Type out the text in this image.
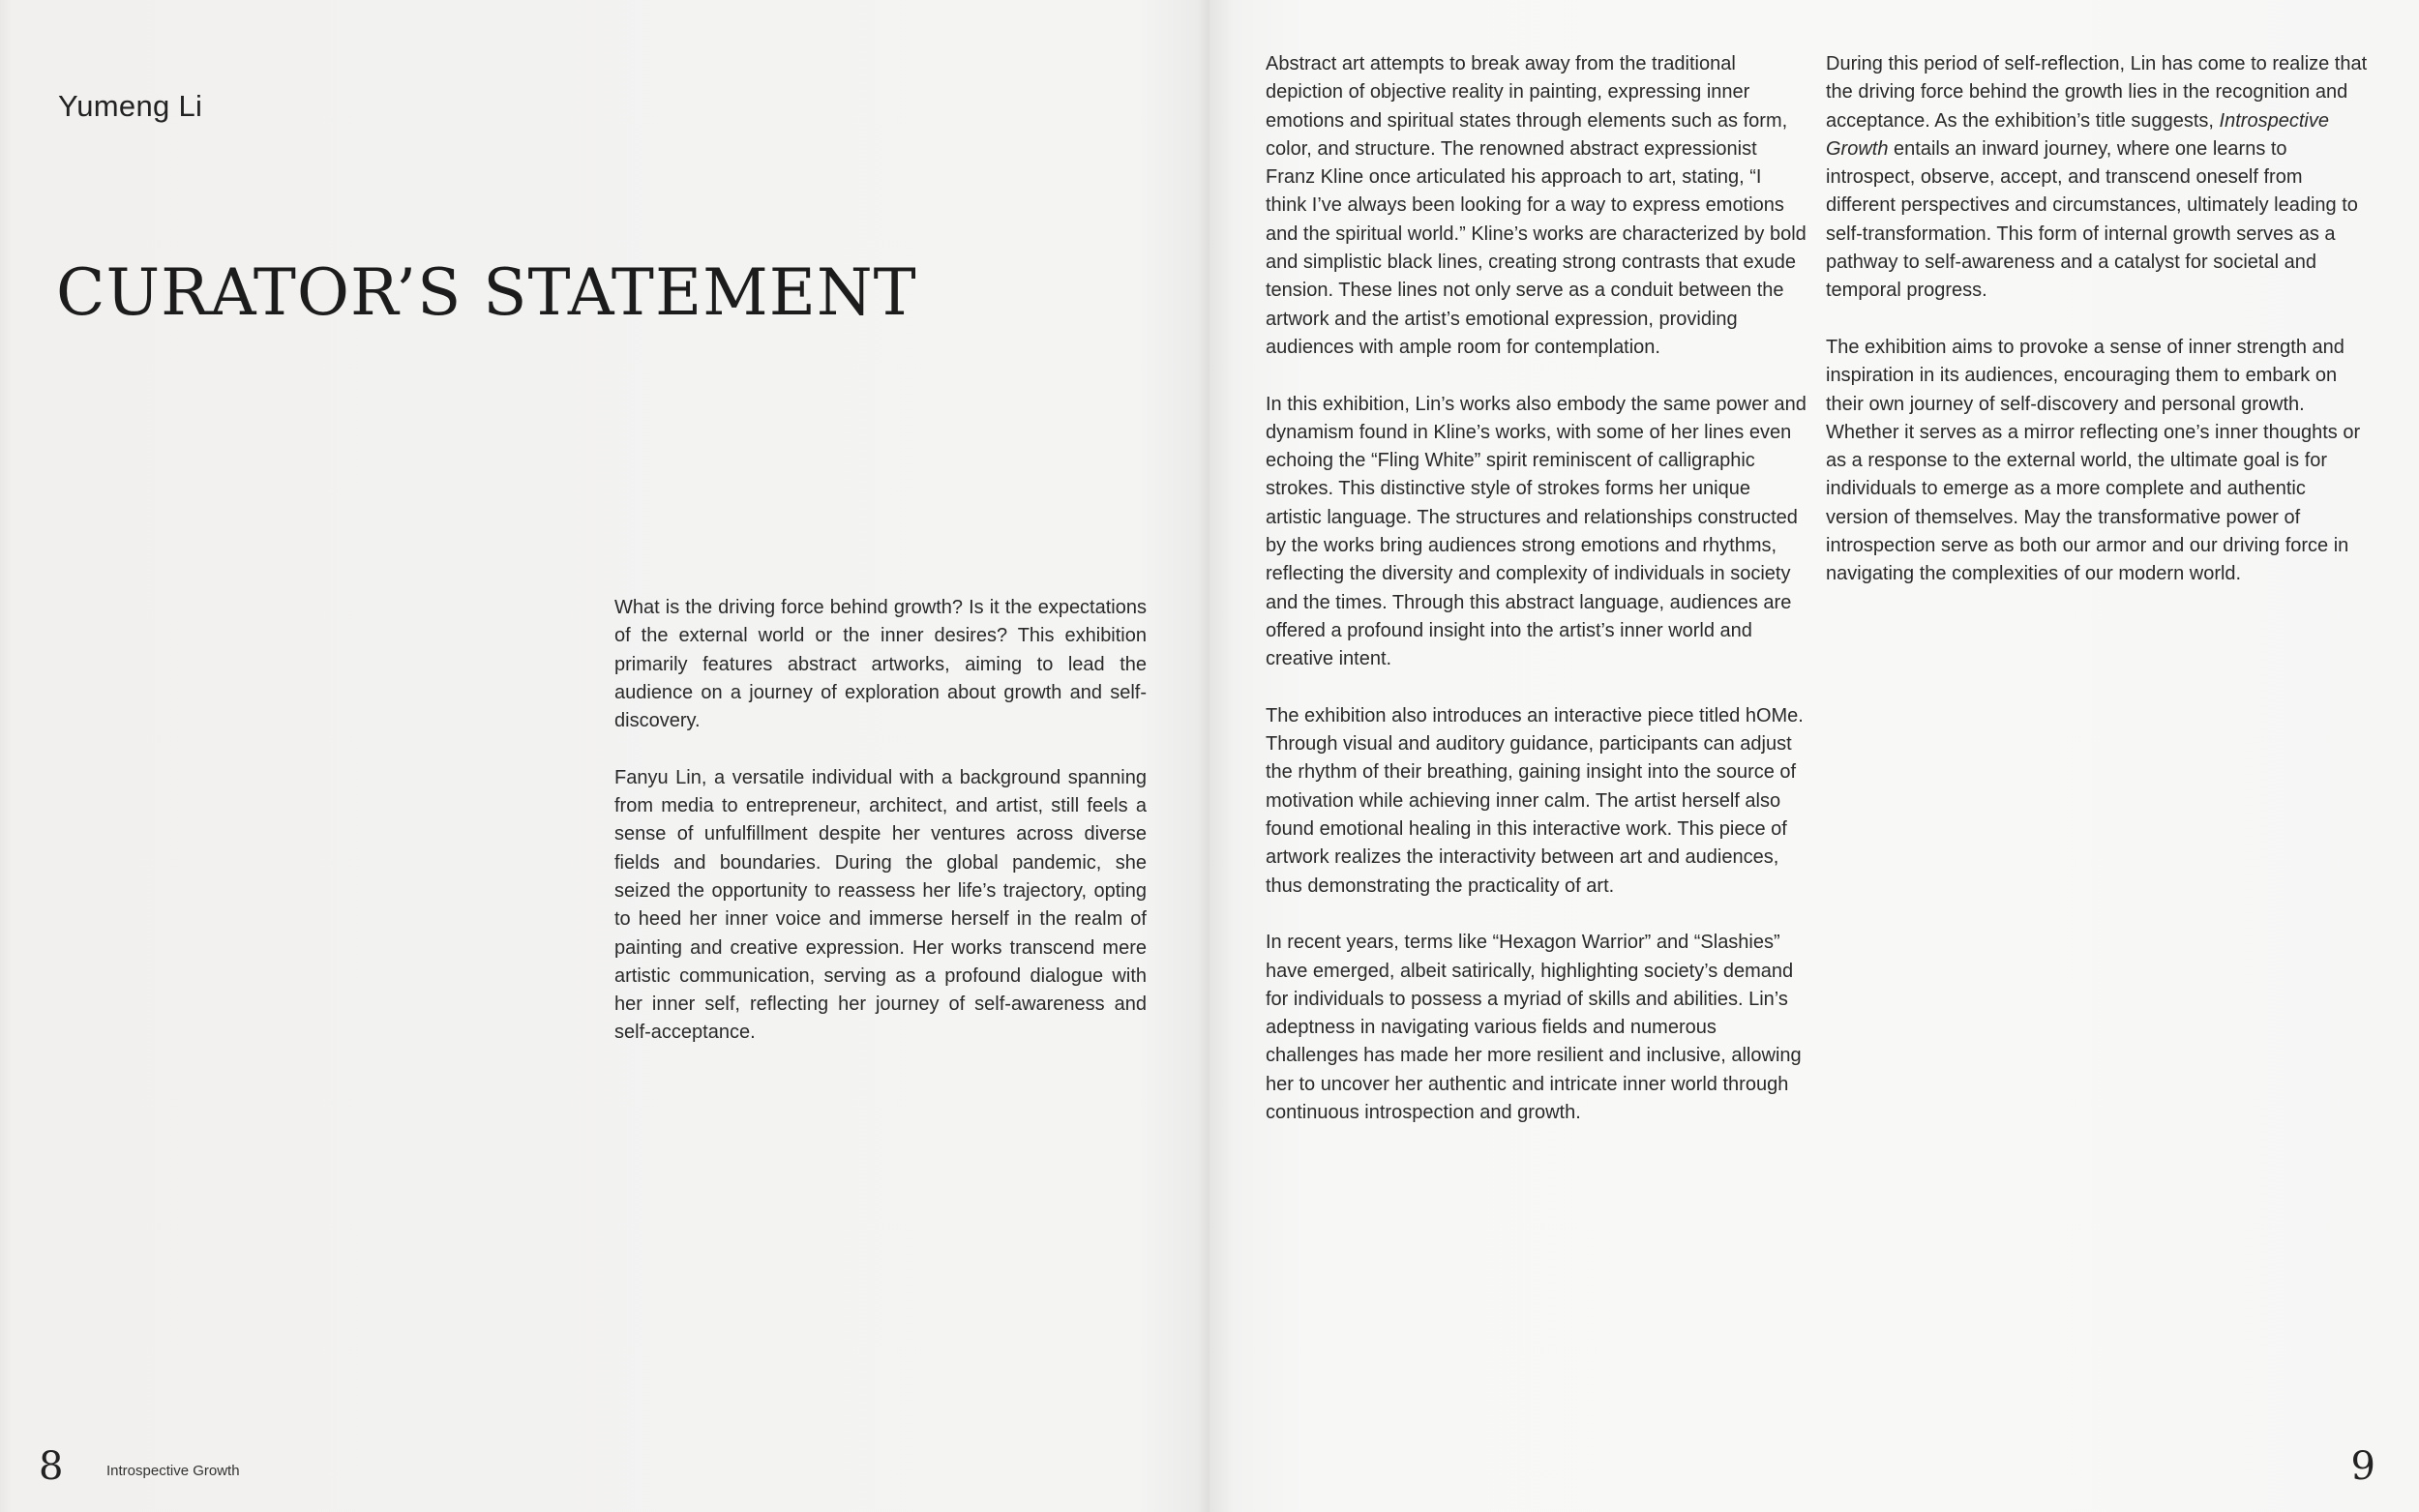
Yumeng Li
CURATOR’S STATEMENT

What is the driving force behind growth? Is it the expectations of the external world or the inner desires? This exhibition primarily features abstract artworks, aiming to lead the audience on a journey of exploration about growth and self-discovery.

Fanyu Lin, a versatile individual with a background spanning from media to entrepreneur, architect, and artist, still feels a sense of unfulfillment despite her ventures across diverse fields and boundaries. During the global pandemic, she seized the opportunity to reassess her life’s trajectory, opting to heed her inner voice and immerse herself in the realm of painting and creative expression. Her works transcend mere artistic communication, serving as a profound dialogue with her inner self, reflecting her journey of self-awareness and self-acceptance.

8	Introspective Growth

Abstract art attempts to break away from the traditional depiction of objective reality in painting, expressing inner emotions and spiritual states through elements such as form, color, and structure. The renowned abstract expressionist Franz Kline once articulated his approach to art, stating, “I think I’ve always been looking for a way to express emotions and the spiritual world.” Kline’s works are characterized by bold and simplistic black lines, creating strong contrasts that exude tension. These lines not only serve as a conduit between the artwork and the artist’s emotional expression, providing audiences with ample room for contemplation.

In this exhibition, Lin’s works also embody the same power and dynamism found in Kline’s works, with some of her lines even echoing the “Fling White” spirit reminiscent of calligraphic strokes. This distinctive style of strokes forms her unique artistic language. The structures and relationships constructed by the works bring audiences strong emotions and rhythms, reflecting the diversity and complexity of individuals in society and the times. Through this abstract language, audiences are offered a profound insight into the artist’s inner world and creative intent.

The exhibition also introduces an interactive piece titled hOMe. Through visual and auditory guidance, participants can adjust the rhythm of their breathing, gaining insight into the source of motivation while achieving inner calm. The artist herself also found emotional healing in this interactive work. This piece of artwork realizes the interactivity between art and audiences, thus demonstrating the practicality of art.

In recent years, terms like “Hexagon Warrior” and “Slashies” have emerged, albeit satirically, highlighting society’s demand for individuals to possess a myriad of skills and abilities. Lin’s adeptness in navigating various fields and numerous challenges has made her more resilient and inclusive, allowing her to uncover her authentic and intricate inner world through continuous introspection and growth.

During this period of self-reflection, Lin has come to realize that the driving force behind the growth lies in the recognition and acceptance. As the exhibition’s title suggests, Introspective Growth entails an inward journey, where one learns to introspect, observe, accept, and transcend oneself from different perspectives and circumstances, ultimately leading to self-transformation. This form of internal growth serves as a pathway to self-awareness and a catalyst for societal and temporal progress.

The exhibition aims to provoke a sense of inner strength and inspiration in its audiences, encouraging them to embark on their own journey of self-discovery and personal growth. Whether it serves as a mirror reflecting one’s inner thoughts or as a response to the external world, the ultimate goal is for individuals to emerge as a more complete and authentic version of themselves. May the transformative power of introspection serve as both our armor and our driving force in navigating the complexities of our modern world.

9
